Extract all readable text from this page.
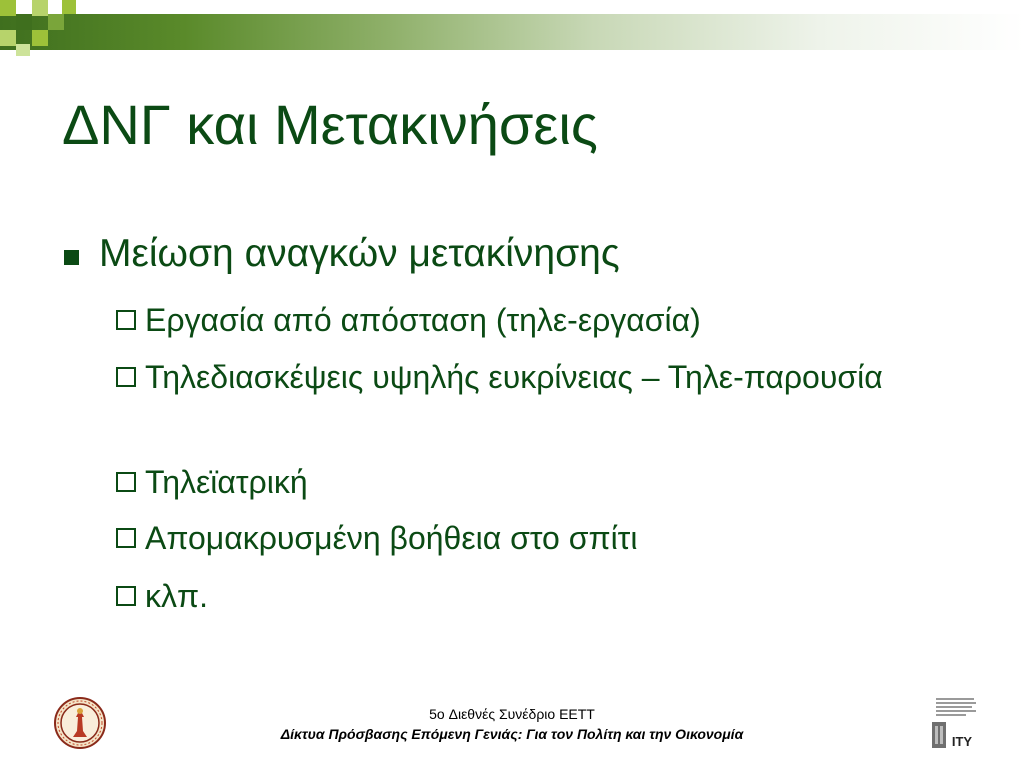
ΔΝΓ και Μετακινήσεις
Μείωση αναγκών μετακίνησης
Εργασία από απόσταση (τηλε-εργασία)
Τηλεδιασκέψεις υψηλής ευκρίνειας – Τηλε-παρουσία
Τηλεϊατρική
Απομακρυσμένη βοήθεια στο σπίτι
κλπ.
5o Διεθνές Συνέδριο ΕΕΤΤ
Δίκτυα Πρόσβασης Επόμενη Γενιάς: Για τον Πολίτη και την Οικονομία	ITY
